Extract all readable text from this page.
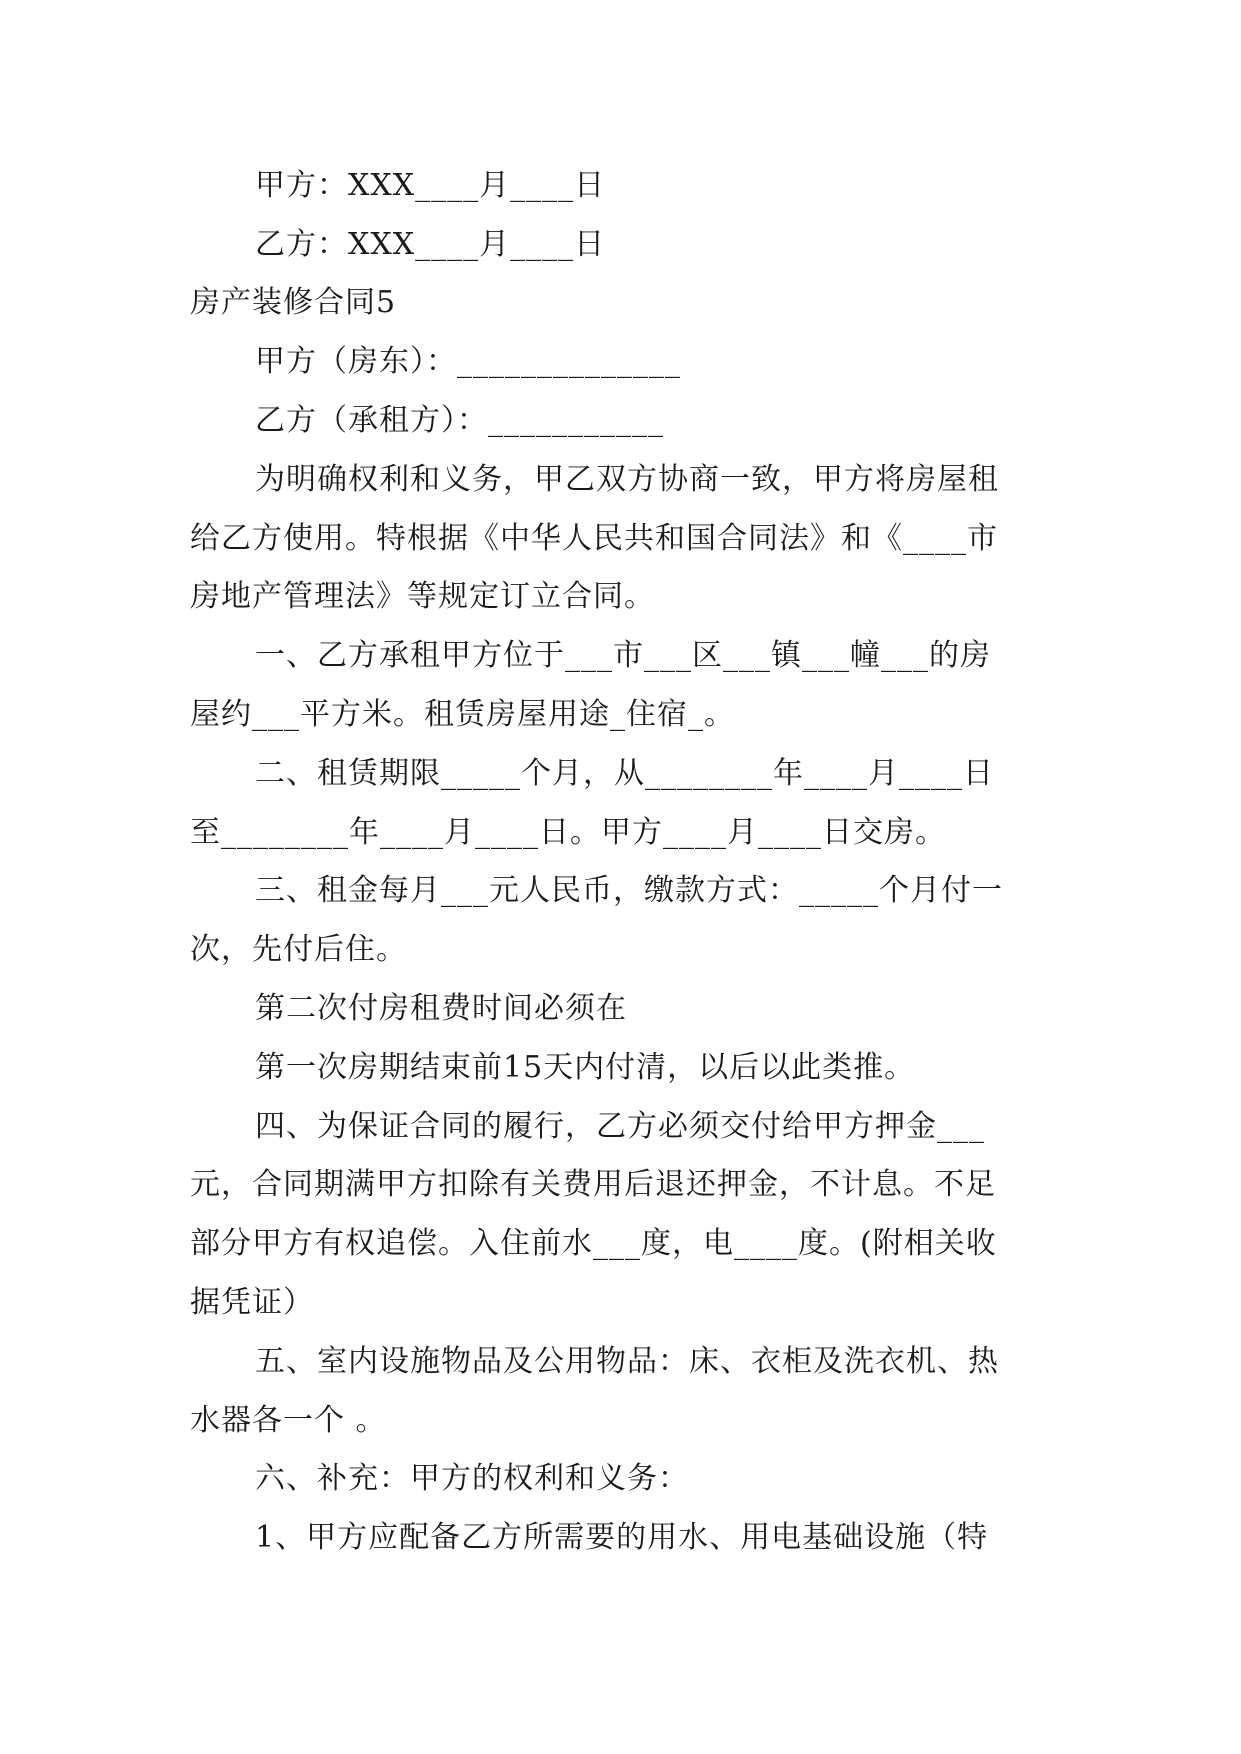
甲方：XXX____月____日
乙方：XXX____月____日
房产装修合同5
甲方（房东）：______________
乙方（承租方）：___________
为明确权利和义务，甲乙双方协商一致，甲方将房屋租
给乙方使用。特根据《中华人民共和国合同法》和《____市
房地产管理法》等规定订立合同。
一、乙方承租甲方位于___市___区___镇___幢___的房
屋约___平方米。租赁房屋用途_住宿_。
二、租赁期限_____个月，从________年____月____日
至________年____月____日。甲方____月____日交房。
三、租金每月___元人民币，缴款方式：_____个月付一
次，先付后住。
第二次付房租费时间必须在
第一次房期结束前15天内付清，以后以此类推。
四、为保证合同的履行，乙方必须交付给甲方押金___
元，合同期满甲方扣除有关费用后退还押金，不计息。不足
部分甲方有权追偿。入住前水___度，电____度。(附相关收
据凭证）
五、室内设施物品及公用物品：床、衣柜及洗衣机、热
水器各一个 。
六、补充：甲方的权利和义务：
1、甲方应配备乙方所需要的用水、用电基础设施（特
